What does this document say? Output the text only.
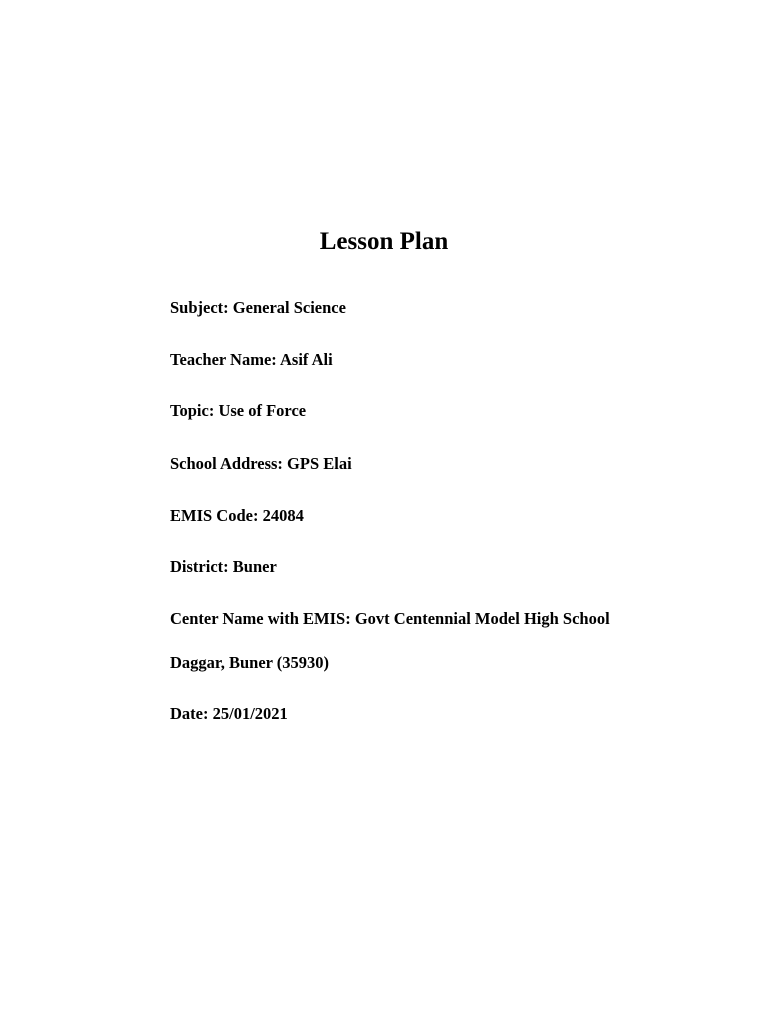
Lesson Plan
Subject: General Science
Teacher Name: Asif Ali
Topic: Use of Force
School Address: GPS Elai
EMIS Code: 24084
District: Buner
Center Name with EMIS: Govt Centennial Model High School
Daggar, Buner (35930)
Date: 25/01/2021
